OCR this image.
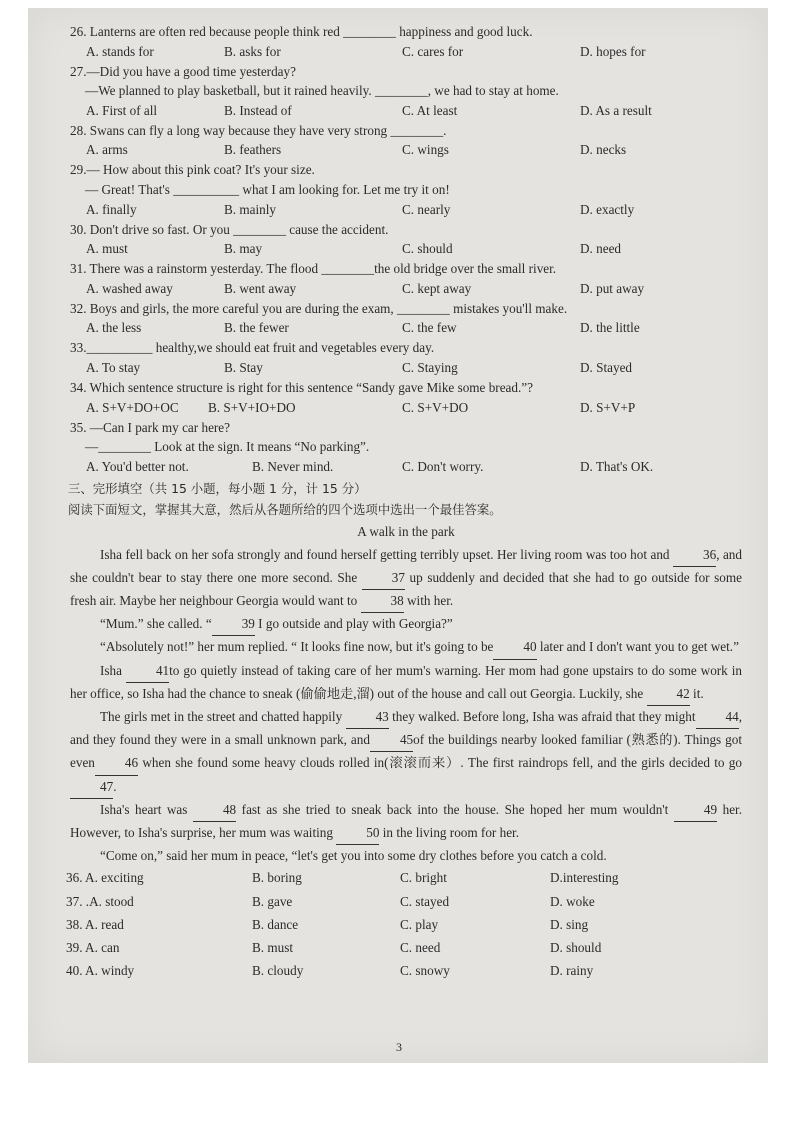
26. Lanterns are often red because people think red ________ happiness and good luck.
A. stands for	B. asks for	C. cares for	D. hopes for
27.—Did you have a good time yesterday?
—We planned to play basketball, but it rained heavily. ________, we had to stay at home.
A. First of all	B. Instead of	C. At least	D. As a result
28. Swans can fly a long way because they have very strong ________.
A. arms	B. feathers	C. wings	D. necks
29.— How about this pink coat? It's your size.
— Great! That's __________ what I am looking for. Let me try it on!
A. finally	B. mainly	C. nearly	D. exactly
30. Don't drive so fast. Or you ________ cause the accident.
A. must	B. may	C. should	D. need
31. There was a rainstorm yesterday. The flood ________the old bridge over the small river.
A. washed away	B. went away	C. kept away	D. put away
32. Boys and girls, the more careful you are during the exam, ________ mistakes you'll make.
A. the less	B. the fewer	C. the few	D. the little
33.__________ healthy,we should eat fruit and vegetables every day.
A. To stay	B. Stay	C. Staying	D. Stayed
34. Which sentence structure is right for this sentence “Sandy gave Mike some bread.”?
A. S+V+DO+OC B. S+V+IO+DO	C. S+V+DO	D. S+V+P
35. —Can I park my car here?
—________ Look at the sign. It means “No parking”.
A. You'd better not.	B. Never mind.	C. Don't worry.	D. That's OK.
三、完形填空（共 15 小题，每小题 1 分，计 15 分）
阅读下面短文，掌握其大意，然后从各题所给的四个选项中选出一个最佳答案。
A walk in the park

Isha fell back on her sofa strongly and found herself getting terribly upset. Her living room was too hot and 36, and she couldn't bear to stay there one more second. She 37 up suddenly and decided that she had to go outside for some fresh air. Maybe her neighbour Georgia would want to 38 with her.

“Mum.” she called. “ 39 I go outside and play with Georgia?”

“Absolutely not!” her mum replied. “ It looks fine now, but it's going to be 40 later and I don't want you to get wet.”

Isha 41to go quietly instead of taking care of her mum's warning. Her mom had gone upstairs to do some work in her office, so Isha had the chance to sneak (偷偷地走,溜) out of the house and call out Georgia. Luckily, she 42 it.

The girls met in the street and chatted happily 43 they walked. Before long, Isha was afraid that they might 44, and they found they were in a small unknown park, and 45of the buildings nearby looked familiar (熟悉的). Things got even 46 when she found some heavy clouds rolled in(滚滚而来）. The first raindrops fell, and the girls decided to go 47.

Isha's heart was 48 fast as she tried to sneak back into the house. She hoped her mum wouldn't 49 her. However, to Isha's surprise, her mum was waiting 50 in the living room for her.

“Come on,” said her mum in peace, “let's get you into some dry clothes before you catch a cold.

36. A. exciting	B. boring	C. bright	D.interesting
37. .A. stood	B. gave	C. stayed	D. woke
38. A. read	B. dance	C. play	D. sing
39. A. can	B. must	C. need	D. should
40. A. windy	B. cloudy	C. snowy	D. rainy
3
